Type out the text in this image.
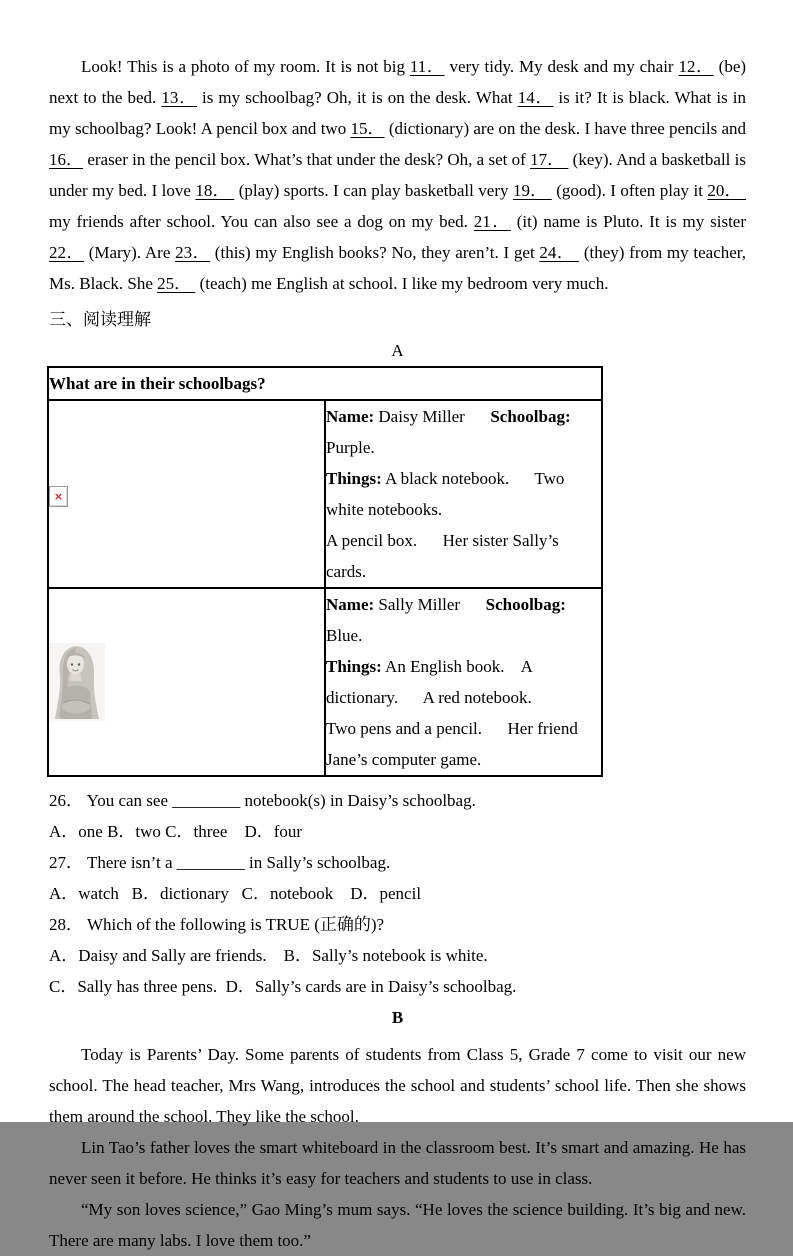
Look! This is a photo of my room. It is not big 11． very tidy. My desk and my chair 12． (be) next to the bed. 13． is my schoolbag? Oh, it is on the desk. What 14． is it? It is black. What is in my schoolbag? Look! A pencil box and two 15． (dictionary) are on the desk. I have three pencils and 16． eraser in the pencil box. What’s that under the desk? Oh, a set of 17．  (key). And a basketball is under my bed. I love 18．  (play) sports. I can play basketball very 19．  (good). I often play it 20．  my friends after school. You can also see a dog on my bed. 21． (it) name is Pluto. It is my sister 22． (Mary). Are 23． (this) my English books? No, they aren’t. I get 24．  (they) from my teacher, Ms. Black. She 25．  (teach) me English at school. I like my bedroom very much.

三、阅读理解
A
What are in their schoolbags?	

×	Name: Daisy Miller      Schoolbag: Purple.
Things: A black notebook.      Two white notebooks.
A pencil box.      Her sister Sally’s cards.

Name: Sally Miller      Schoolbag: Blue.
Things: An English book.    A dictionary.      A red notebook.
Two pens and a pencil.      Her friend Jane’s computer game.

26． You can see ________ notebook(s) in Daisy’s schoolbag.

A．one B．two C．three    D．four

27． There isn’t a ________ in Sally’s schoolbag.

A．watch   B．dictionary   C．notebook    D．pencil

28． Which of the following is TRUE (正确的)?

A．Daisy and Sally are friends.    B．Sally’s notebook is white.

C．Sally has three pens.  D．Sally’s cards are in Daisy’s schoolbag.

B

Today is Parents’ Day. Some parents of students from Class 5, Grade 7 come to visit our new school. The head teacher, Mrs Wang, introduces the school and students’ school life. Then she shows them around the school. They like the school.

Lin Tao’s father loves the smart whiteboard in the classroom best. It’s smart and amazing. He has never seen it before. He thinks it’s easy for teachers and students to use in class.

“My son loves science,” Gao Ming’s mum says. “He loves the science building. It’s big and new. There are many labs. I love them too.”
